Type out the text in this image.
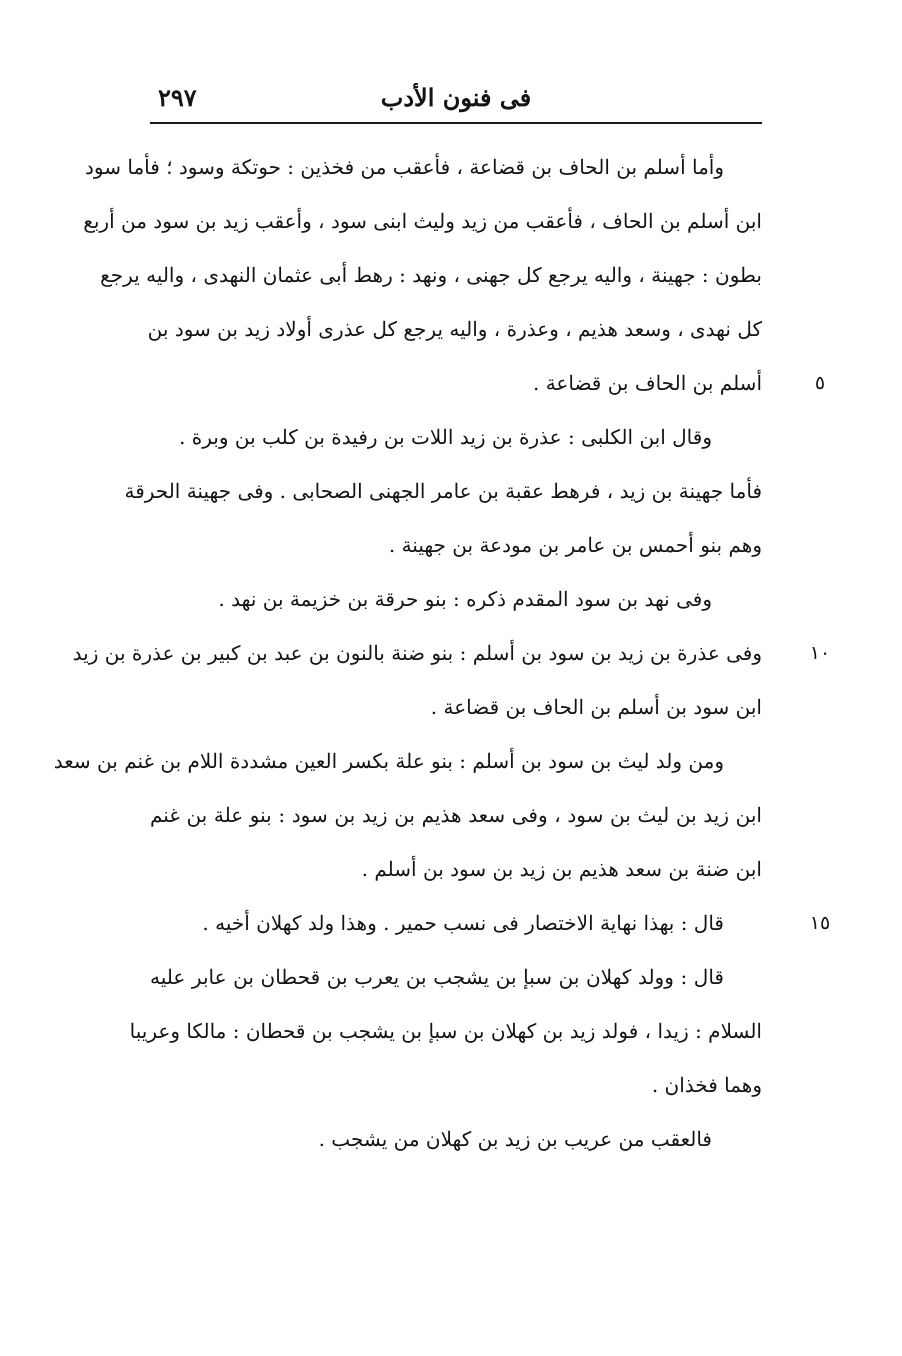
فى فنون الأدب
٢٩٧
وأما أسلم بن الحاف بن قضاعة ، فأعقب من فخذين : حوتكة وسود ؛ فأما سود
ابن أسلم بن الحاف ، فأعقب من زيد وليث ابنى سود ، وأعقب زيد بن سود من أربع
بطون : جهينة ، واليه يرجع كل جهنى ، ونهد : رهط أبى عثمان النهدى ، واليه يرجع
كل نهدى ، وسعد هذيم ، وعذرة ، واليه يرجع كل عذرى أولاد زيد بن سود بن
أسلم بن الحاف بن قضاعة .
وقال ابن الكلبى : عذرة بن زيد اللات بن رفيدة بن كلب بن وبرة .
فأما جهينة بن زيد ، فرهط عقبة بن عامر الجهنى الصحابى . وفى جهينة الحرقة
وهم بنو أحمس بن عامر بن مودعة بن جهينة .
وفى نهد بن سود المقدم ذكره : بنو حرقة بن خزيمة بن نهد .
وفى عذرة بن زيد بن سود بن أسلم : بنو ضنة بالنون بن عبد بن كبير بن عذرة بن زيد
ابن سود بن أسلم بن الحاف بن قضاعة .
ومن ولد ليث بن سود بن أسلم : بنو علة بكسر العين مشددة اللام بن غنم بن سعد
ابن زيد بن ليث بن سود ، وفى سعد هذيم بن زيد بن سود : بنو علة بن غنم
ابن ضنة بن سعد هذيم بن زيد بن سود بن أسلم .
قال : بهذا نهاية الاختصار فى نسب حمير . وهذا ولد كهلان أخيه .
قال : وولد كهلان بن سبإ بن يشجب بن يعرب بن قحطان بن عابر عليه
السلام : زيدا ، فولد زيد بن كهلان بن سبإ بن يشجب بن قحطان : مالكا وعريبا
وهما فخذان .
فالعقب من عريب بن زيد بن كهلان من يشجب .
٥
١٠
١٥
